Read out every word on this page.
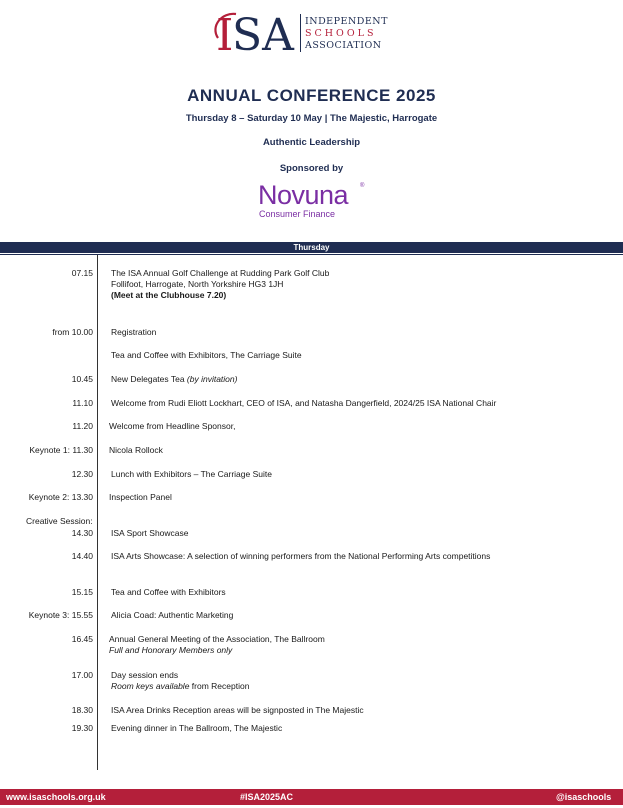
I
SA INDEPENDENT
SCHOOLS
ASSOCIATION
ANNUAL CONFERENCE 2025
Thursday 8 – Saturday 10 May | The Majestic, Harrogate
Authentic Leadership
Sponsored by
Novuna ®
Consumer Finance
Thursday
07.15 The ISA Annual Golf Challenge at Rudding Park Golf Club
Follifoot, Harrogate, North Yorkshire HG3 1JH
(Meet at the Clubhouse 7.20)
from 10.00 Registration
Tea and Coffee with Exhibitors, The Carriage Suite
10.45 New Delegates Tea (by invitation)
11.10 Welcome from Rudi Eliott Lockhart, CEO of ISA, and Natasha Dangerfield, 2024/25 ISA National Chair
11.20 Welcome from Headline Sponsor,
Keynote 1: 11.30 Nicola Rollock
12.30 Lunch with Exhibitors – The Carriage Suite
Keynote 2: 13.30 Inspection Panel
Creative Session:
14.30 ISA Sport Showcase
14.40 ISA Arts Showcase: A selection of winning performers from the National Performing Arts competitions
15.15 Tea and Coffee with Exhibitors
Keynote 3: 15.55 Alicia Coad: Authentic Marketing
16.45 Annual General Meeting of the Association, The Ballroom
Full and Honorary Members only
17.00 Day session ends
Room keys available from Reception
18.30 ISA Area Drinks Reception areas will be signposted in The Majestic
19.30 Evening dinner in The Ballroom, The Majestic
www.isaschools.org.uk	#ISA2025AC	@isaschools
